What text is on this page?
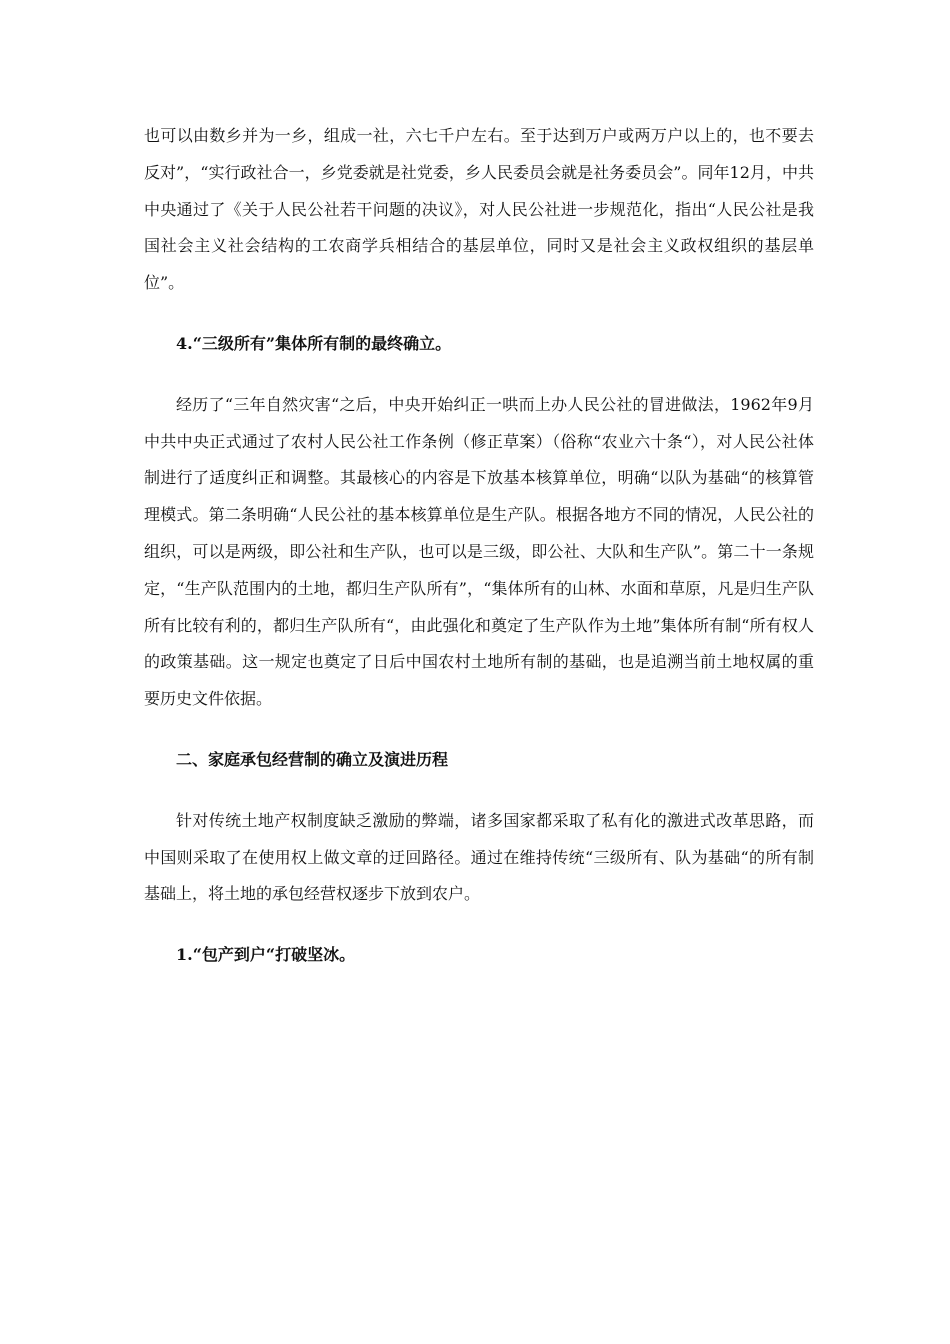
也可以由数乡并为一乡，组成一社，六七千户左右。至于达到万户或两万户以上的，也不要去反对”，“实行政社合一，乡党委就是社党委，乡人民委员会就是社务委员会”。同年12月，中共中央通过了《关于人民公社若干问题的决议》，对人民公社进一步规范化，指出“人民公社是我国社会主义社会结构的工农商学兵相结合的基层单位，同时又是社会主义政权组织的基层单位”。

4.“三级所有”集体所有制的最终确立。

经历了“三年自然灾害“之后，中央开始纠正一哄而上办人民公社的冒进做法，1962年9月中共中央正式通过了农村人民公社工作条例（修正草案）（俗称“农业六十条“），对人民公社体制进行了适度纠正和调整。其最核心的内容是下放基本核算单位，明确“以队为基础“的核算管理模式。第二条明确“人民公社的基本核算单位是生产队。根据各地方不同的情况，人民公社的组织，可以是两级，即公社和生产队，也可以是三级，即公社、大队和生产队”。第二十一条规定，“生产队范围内的土地，都归生产队所有”，“集体所有的山林、水面和草原，凡是归生产队所有比较有利的，都归生产队所有“，由此强化和奠定了生产队作为土地”集体所有制“所有权人的政策基础。这一规定也奠定了日后中国农村土地所有制的基础，也是追溯当前土地权属的重要历史文件依据。

二、家庭承包经营制的确立及演进历程

针对传统土地产权制度缺乏激励的弊端，诸多国家都采取了私有化的激进式改革思路，而中国则采取了在使用权上做文章的迂回路径。通过在维持传统“三级所有、队为基础“的所有制基础上，将土地的承包经营权逐步下放到农户。

1.“包产到户“打破坚冰。
